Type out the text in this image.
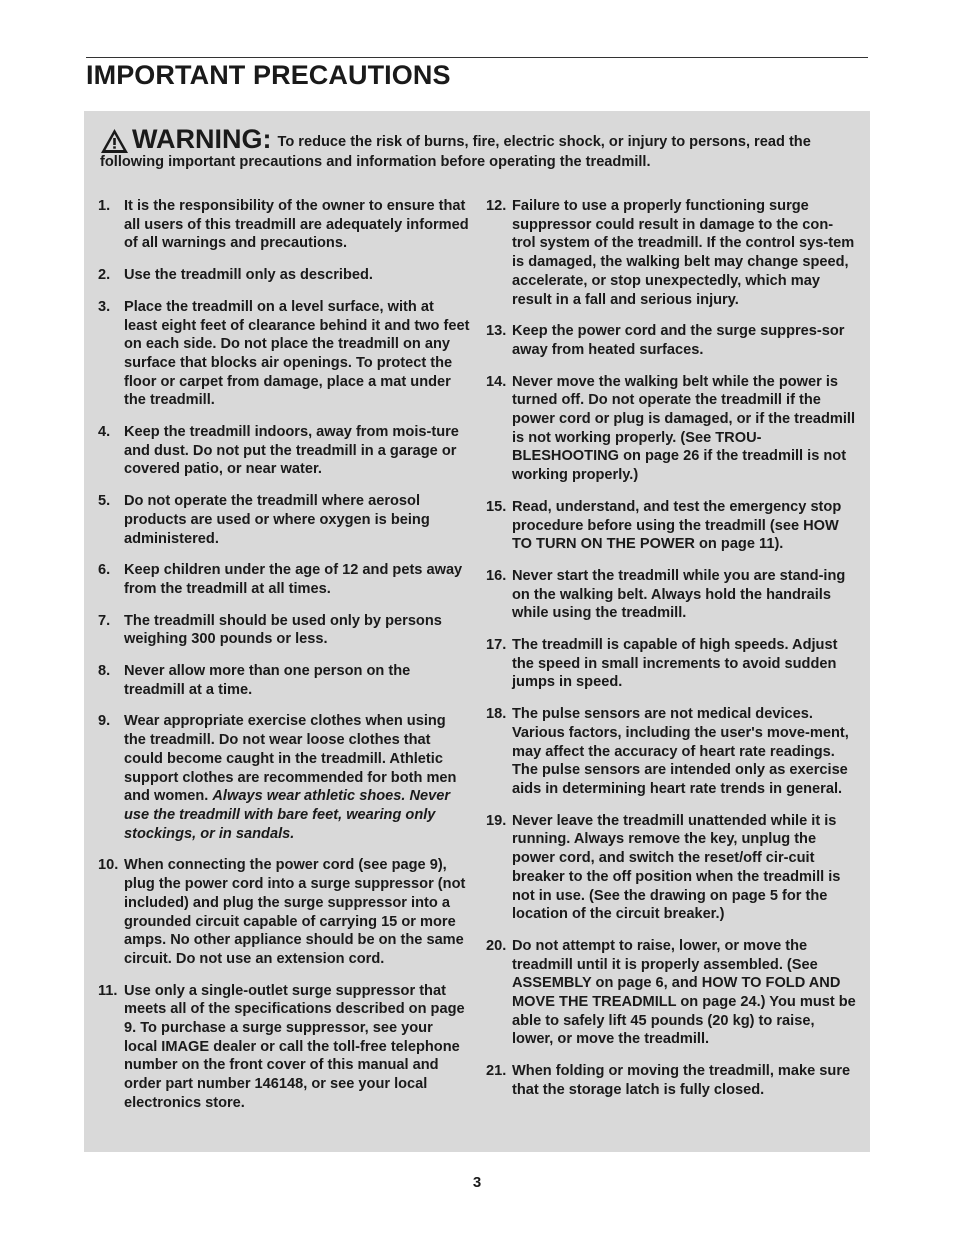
IMPORTANT PRECAUTIONS
WARNING: To reduce the risk of burns, fire, electric shock, or injury to persons, read the
following important precautions and information before operating the treadmill.
1. It is the responsibility of the owner to ensure that all users of this treadmill are adequately informed of all warnings and precautions.
2. Use the treadmill only as described.
3. Place the treadmill on a level surface, with at least eight feet of clearance behind it and two feet on each side. Do not place the treadmill on any surface that blocks air openings. To protect the floor or carpet from damage, place a mat under the treadmill.
4. Keep the treadmill indoors, away from mois-ture and dust. Do not put the treadmill in a garage or covered patio, or near water.
5. Do not operate the treadmill where aerosol products are used or where oxygen is being administered.
6. Keep children under the age of 12 and pets away from the treadmill at all times.
7. The treadmill should be used only by persons weighing 300 pounds or less.
8. Never allow more than one person on the treadmill at a time.
9. Wear appropriate exercise clothes when using the treadmill. Do not wear loose clothes that could become caught in the treadmill. Athletic support clothes are recommended for both men and women. Always wear athletic shoes. Never use the treadmill with bare feet, wearing only stockings, or in sandals.
10. When connecting the power cord (see page 9), plug the power cord into a surge suppressor (not included) and plug the surge suppressor into a grounded circuit capable of carrying 15 or more amps. No other appliance should be on the same circuit. Do not use an extension cord.
11. Use only a single-outlet surge suppressor that meets all of the specifications described on page 9. To purchase a surge suppressor, see your local IMAGE dealer or call the toll-free telephone number on the front cover of this manual and order part number 146148, or see your local electronics store.
12. Failure to use a properly functioning surge suppressor could result in damage to the con-trol system of the treadmill. If the control sys-tem is damaged, the walking belt may change speed, accelerate, or stop unexpectedly, which may result in a fall and serious injury.
13. Keep the power cord and the surge suppres-sor away from heated surfaces.
14. Never move the walking belt while the power is turned off. Do not operate the treadmill if the power cord or plug is damaged, or if the treadmill is not working properly. (See TROU-BLESHOOTING on page 26 if the treadmill is not working properly.)
15. Read, understand, and test the emergency stop procedure before using the treadmill (see HOW TO TURN ON THE POWER on page 11).
16. Never start the treadmill while you are stand-ing on the walking belt. Always hold the handrails while using the treadmill.
17. The treadmill is capable of high speeds. Adjust the speed in small increments to avoid sudden jumps in speed.
18. The pulse sensors are not medical devices. Various factors, including the user's move-ment, may affect the accuracy of heart rate readings. The pulse sensors are intended only as exercise aids in determining heart rate trends in general.
19. Never leave the treadmill unattended while it is running. Always remove the key, unplug the power cord, and switch the reset/off cir-cuit breaker to the off position when the treadmill is not in use. (See the drawing on page 5 for the location of the circuit breaker.)
20. Do not attempt to raise, lower, or move the treadmill until it is properly assembled. (See ASSEMBLY on page 6, and HOW TO FOLD AND MOVE THE TREADMILL on page 24.) You must be able to safely lift 45 pounds (20 kg) to raise, lower, or move the treadmill.
21. When folding or moving the treadmill, make sure that the storage latch is fully closed.
3
